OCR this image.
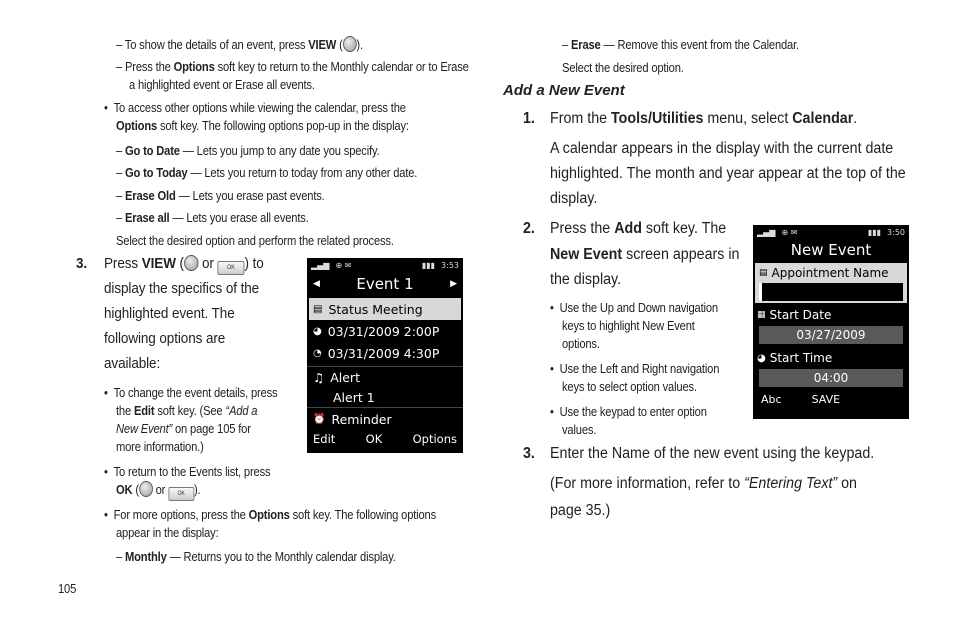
– To show the details of an event, press VIEW ( ).
– Press the Options soft key to return to the Monthly calendar or to Erase
a highlighted event or Erase all events.
•  To access other options while viewing the calendar, press the
Options soft key. The following options pop-up in the display:
– Go to Date — Lets you jump to any date you specify.
– Go to Today — Lets you return to today from any other date.
– Erase Old — Lets you erase past events.
– Erase all — Lets you erase all events.
Select the desired option and perform the related process.
3. Press VIEW ( or OK ) to
display the specifics of the
highlighted event. The
following options are
available:
•  To change the event details, press
the Edit soft key. (See “Add a
New Event” on page 105 for
more information.)
•  To return to the Events list, press
OK ( or OK ).
•  For more options, press the Options soft key. The following options
appear in the display:
– Monthly — Returns you to the Monthly calendar display.
105
▂▄▆ ⊕ ✉	▮▮▮ 3:53
◀ Event 1	▶
▤ Status Meeting
◕ 03/31/2009 2:00P
◔ 03/31/2009 4:30P
♫ Alert
Alert 1
⏰ Reminder
Edit	OK	Options
– Erase — Remove this event from the Calendar.
Select the desired option.
Add a New Event
1. From the Tools/Utilities menu, select Calendar.
A calendar appears in the display with the current date
highlighted. The month and year appear at the top of the
display.
2. Press the Add soft key. The
New Event screen appears in
the display.
•  Use the Up and Down navigation
keys to highlight New Event
options.
•  Use the Left and Right navigation
keys to select option values.
•  Use the keypad to enter option
values.
3. Enter the Name of the new event using the keypad.
(For more information, refer to “Entering Text” on
page 35.)
▂▄▆ ⊕ ✉	▮▮▮ 3:50
New Event
▤ Appointment Name
▦ Start Date
03/27/2009
◕ Start Time
04:00
Abc	SAVE
